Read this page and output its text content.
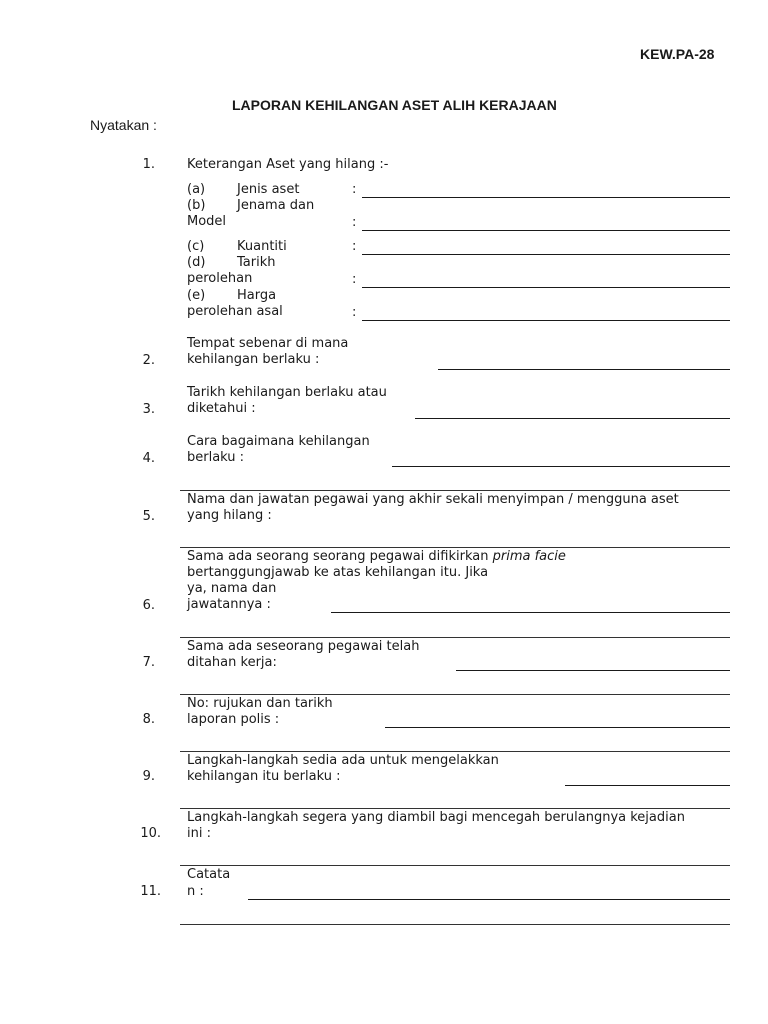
KEW.PA-28
LAPORAN KEHILANGAN ASET ALIH KERAJAAN
Nyatakan :
1. Keterangan Aset yang hilang :-
(a) Jenis aset	:
(b) Jenama dan
Model	:
(c)	Kuantiti	:
(d) Tarikh
perolehan	:
(e) Harga
perolehan asal	:
Tempat sebenar di mana
kehilangan berlaku :
2.
Tarikh kehilangan berlaku atau
diketahui :
3.
Cara bagaimana kehilangan
berlaku :
4.
Nama dan jawatan pegawai yang akhir sekali menyimpan / mengguna aset
yang hilang :
5.
Sama ada seorang seorang pegawai difikirkan prima facie
bertanggungjawab ke atas kehilangan itu. Jika
ya, nama dan
jawatannya :
6.
Sama ada seseorang pegawai telah
ditahan kerja:
7.
No: rujukan dan tarikh
laporan polis :
8.
Langkah-langkah sedia ada untuk mengelakkan
kehilangan itu berlaku :
9.
Langkah-langkah segera yang diambil bagi mencegah berulangnya kejadian
ini :
10.
Catata
n :
11.
